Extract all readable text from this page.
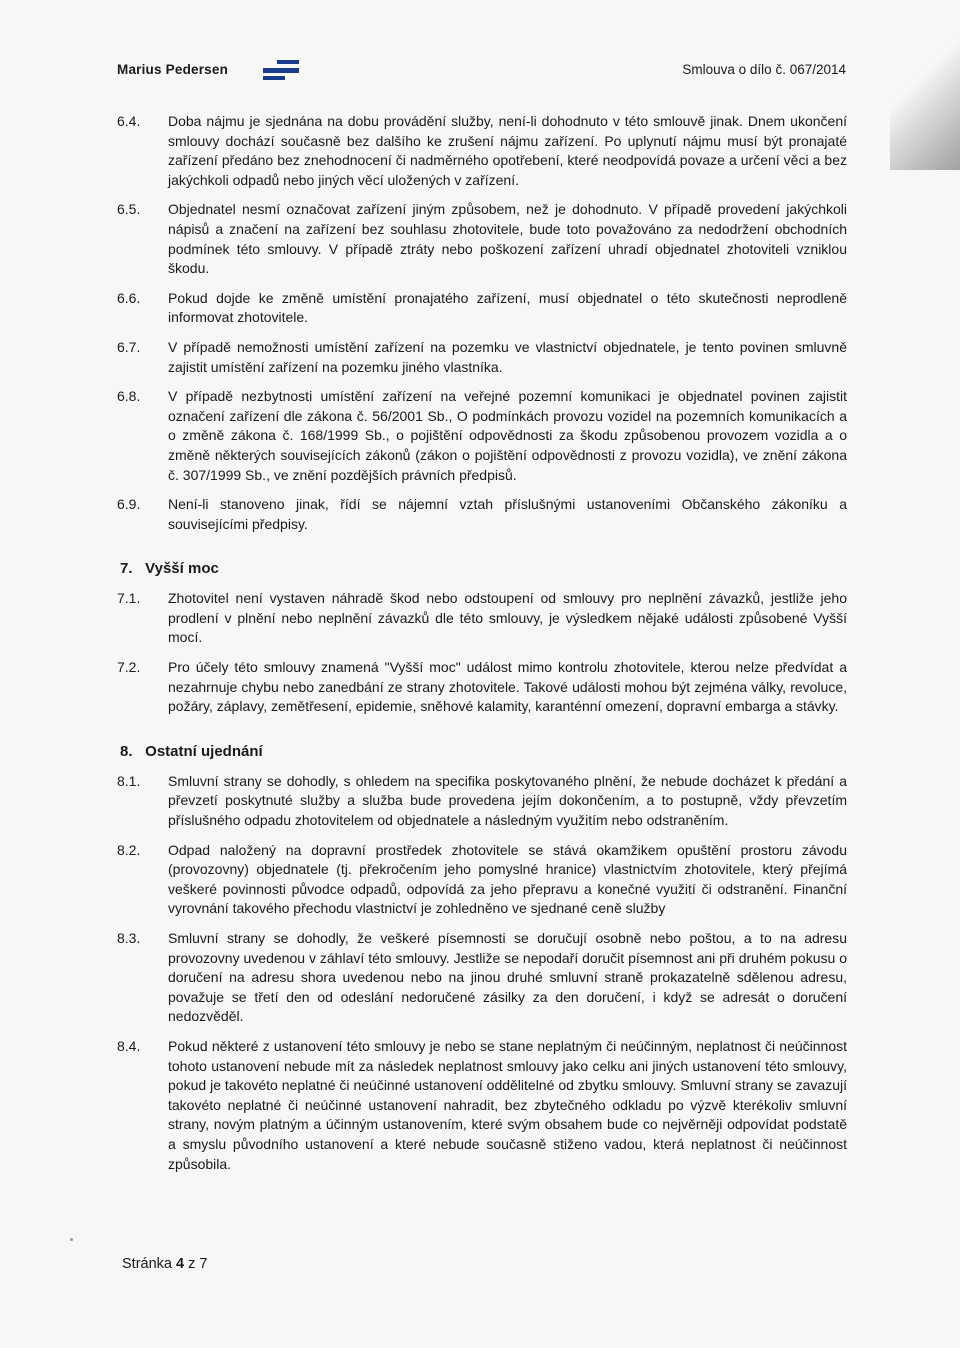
Marius Pedersen	Smlouva o dílo č. 067/2014
6.4. Doba nájmu je sjednána na dobu provádění služby, není-li dohodnuto v této smlouvě jinak. Dnem ukončení smlouvy dochází současně bez dalšího ke zrušení nájmu zařízení. Po uplynutí nájmu musí být pronajaté zařízení předáno bez znehodnocení či nadměrného opotřebení, které neodpovídá povaze a určení věci a bez jakýchkoli odpadů nebo jiných věcí uložených v zařízení.
6.5. Objednatel nesmí označovat zařízení jiným způsobem, než je dohodnuto. V případě provedení jakýchkoli nápisů a značení na zařízení bez souhlasu zhotovitele, bude toto považováno za nedodržení obchodních podmínek této smlouvy. V případě ztráty nebo poškození zařízení uhradí objednatel zhotoviteli vzniklou škodu.
6.6. Pokud dojde ke změně umístění pronajatého zařízení, musí objednatel o této skutečnosti neprodleně informovat zhotovitele.
6.7. V případě nemožnosti umístění zařízení na pozemku ve vlastnictví objednatele, je tento povinen smluvně zajistit umístění zařízení na pozemku jiného vlastníka.
6.8. V případě nezbytnosti umístění zařízení na veřejné pozemní komunikaci je objednatel povinen zajistit označení zařízení dle zákona č. 56/2001 Sb., O podmínkách provozu vozidel na pozemních komunikacích a o změně zákona č. 168/1999 Sb., o pojištění odpovědnosti za škodu způsobenou provozem vozidla a o změně některých souvisejících zákonů (zákon o pojištění odpovědnosti z provozu vozidla), ve znění zákona č. 307/1999 Sb., ve znění pozdějších právních předpisů.
6.9. Není-li stanoveno jinak, řídí se nájemní vztah příslušnými ustanoveními Občanského zákoníku a souvisejícími předpisy.
7. Vyšší moc
7.1. Zhotovitel není vystaven náhradě škod nebo odstoupení od smlouvy pro neplnění závazků, jestliže jeho prodlení v plnění nebo neplnění závazků dle této smlouvy, je výsledkem nějaké události způsobené Vyšší mocí.
7.2. Pro účely této smlouvy znamená "Vyšší moc" událost mimo kontrolu zhotovitele, kterou nelze předvídat a nezahrnuje chybu nebo zanedbání ze strany zhotovitele. Takové události mohou být zejména války, revoluce, požáry, záplavy, zemětřesení, epidemie, sněhové kalamity, karanténní omezení, dopravní embarga a stávky.
8. Ostatní ujednání
8.1. Smluvní strany se dohodly, s ohledem na specifika poskytovaného plnění, že nebude docházet k předání a převzetí poskytnuté služby a služba bude provedena jejím dokončením, a to postupně, vždy převzetím příslušného odpadu zhotovitelem od objednatele a následným využitím nebo odstraněním.
8.2. Odpad naložený na dopravní prostředek zhotovitele se stává okamžikem opuštění prostoru závodu (provozovny) objednatele (tj. překročením jeho pomyslné hranice) vlastnictvím zhotovitele, který přejímá veškeré povinnosti původce odpadů, odpovídá za jeho přepravu a konečné využití či odstranění. Finanční vyrovnání takového přechodu vlastnictví je zohledněno ve sjednané ceně služby
8.3. Smluvní strany se dohodly, že veškeré písemnosti se doručují osobně nebo poštou, a to na adresu provozovny uvedenou v záhlaví této smlouvy. Jestliže se nepodaří doručit písemnost ani při druhém pokusu o doručení na adresu shora uvedenou nebo na jinou druhé smluvní straně prokazatelně sdělenou adresu, považuje se třetí den od odeslání nedoručené zásilky za den doručení, i když se adresát o doručení nedozvěděl.
8.4. Pokud některé z ustanovení této smlouvy je nebo se stane neplatným či neúčinným, neplatnost či neúčinnost tohoto ustanovení nebude mít za následek neplatnost smlouvy jako celku ani jiných ustanovení této smlouvy, pokud je takovéto neplatné či neúčinné ustanovení oddělitelné od zbytku smlouvy. Smluvní strany se zavazují takovéto neplatné či neúčinné ustanovení nahradit, bez zbytečného odkladu po výzvě kterékoliv smluvní strany, novým platným a účinným ustanovením, které svým obsahem bude co nejvěrněji odpovídat podstatě a smyslu původního ustanovení a které nebude současně stiženo vadou, která neplatnost či neúčinnost způsobila.
Stránka 4 z 7
